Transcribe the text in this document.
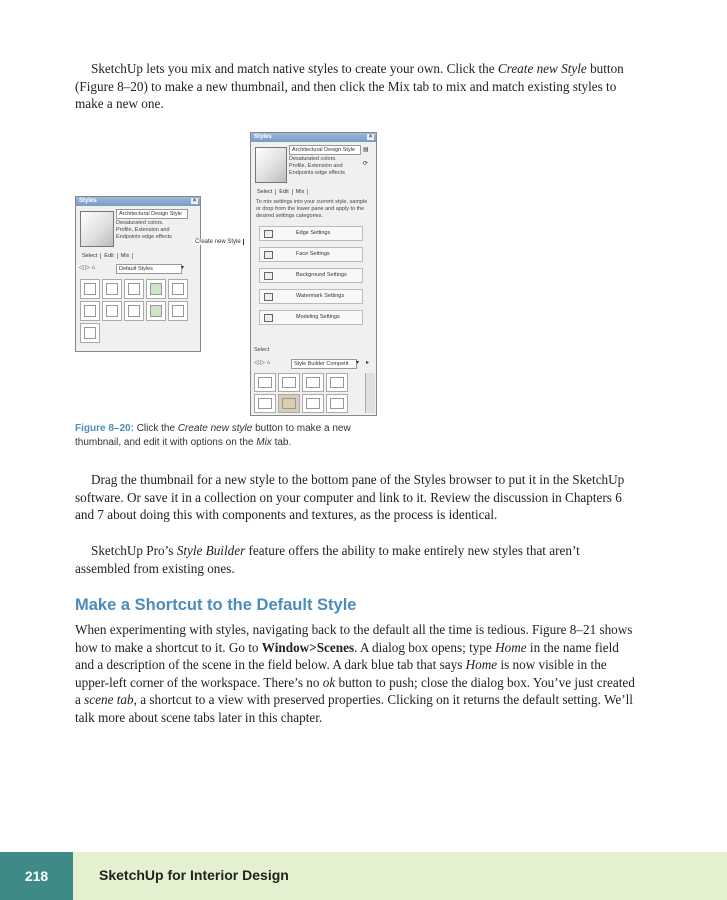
SketchUp lets you mix and match native styles to create your own. Click the Create new Style button (Figure 8–20) to make a new thumbnail, and then click the Mix tab to mix and match existing styles to make a new one.

Styles	×
Architectural Design Style
Desaturated colors. Profile, Extension and Endpoints edge effects
Select Edit Mix
◁ ▷ ⌂	Default Styles	▾
Create new Style
Styles	×
Architectural Design Style
Desaturated colors. Profile, Extension and Endpoints edge effects
▤
⟳
Select Edit Mix
To mix settings into your current style, sample or drop from the lower pane and apply to the desired settings categories.
Edge Settings
Face Settings
Background Settings
Watermark Settings
Modeling Settings
Select
◁ ▷ ⌂	Style Builder Competit	▾ ▸
Figure 8–20: Click the Create new style button to make a new thumbnail, and edit it with options on the Mix tab.

Drag the thumbnail for a new style to the bottom pane of the Styles browser to put it in the SketchUp software. Or save it in a collection on your computer and link to it. Review the discussion in Chapters 6 and 7 about doing this with components and textures, as the process is identical.

SketchUp Pro’s Style Builder feature offers the ability to make entirely new styles that aren’t assembled from existing ones.

Make a Shortcut to the Default Style

When experimenting with styles, navigating back to the default all the time is tedious. Figure 8–21 shows how to make a shortcut to it. Go to Window>Scenes. A dialog box opens; type Home in the name field and a description of the scene in the field below. A dark blue tab that says Home is now visible in the upper-left corner of the workspace. There’s no ok button to push; close the dialog box. You’ve just created a scene tab, a shortcut to a view with preserved properties. Clicking on it returns the default setting. We’ll talk more about scene tabs later in this chapter.

218	SketchUp for Interior Design
